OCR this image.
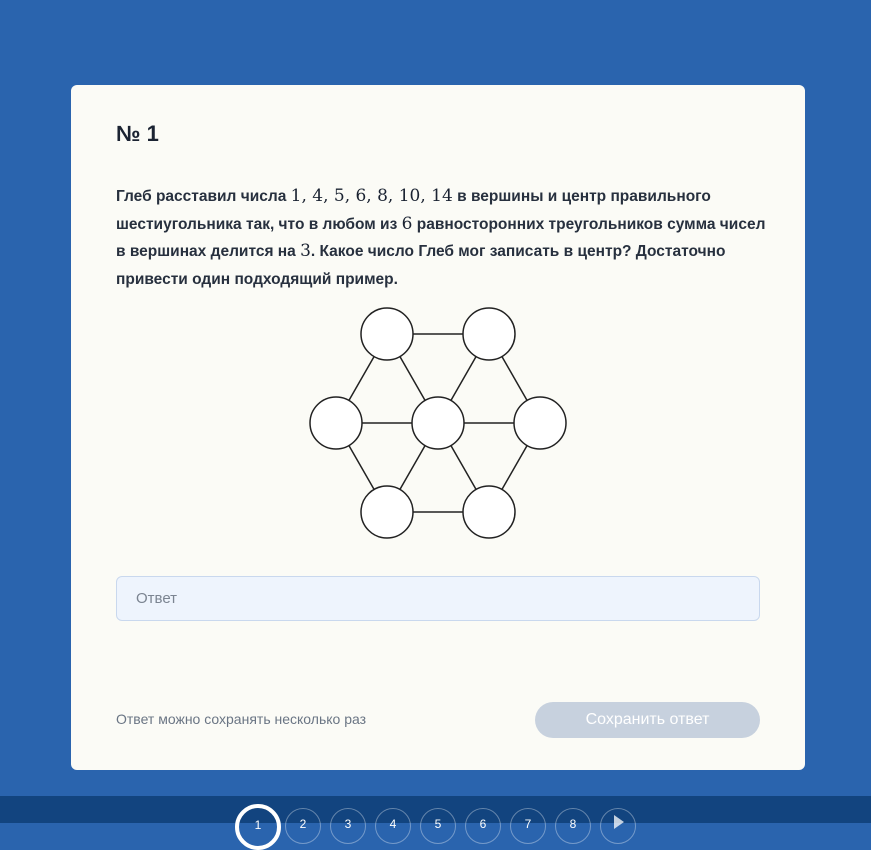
№ 1

Глеб расставил числа 1, 4, 5, 6, 8, 10, 14 в вершины и центр правильного шестиугольника так, что в любом из 6 равносторонних треугольников сумма чисел в вершинах делится на 3. Какое число Глеб мог записать в центр? Достаточно привести один подходящий пример.

Ответ
Ответ можно сохранять несколько раз	Сохранить ответ
1	2	3	4	5	6	7	8
